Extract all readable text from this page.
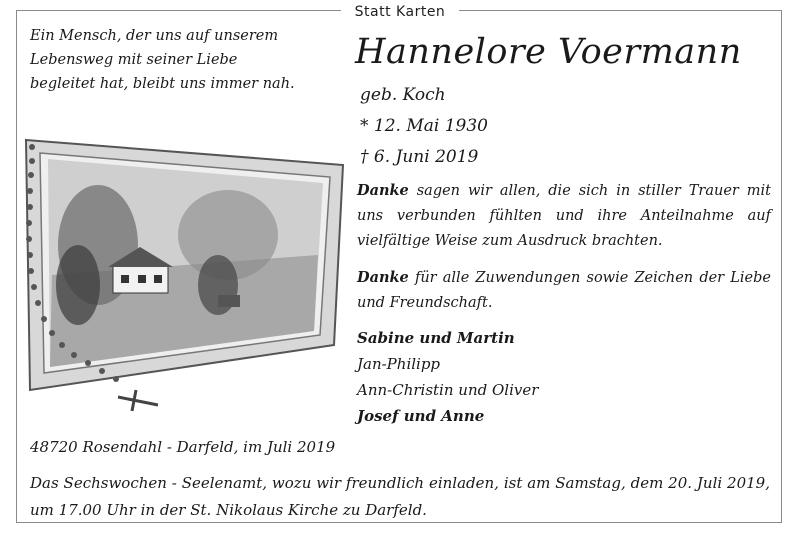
Statt Karten
Ein Mensch, der uns auf unserem
Lebensweg mit seiner Liebe
begleitet hat, bleibt uns immer nah.
Hannelore Voermann
geb. Koch
* 12. Mai 1930
† 6. Juni 2019
Danke sagen wir allen, die sich in stiller Trauer mit uns verbunden fühlten und ihre Anteilnahme auf vielfältige Weise zum Ausdruck brachten.
Danke für alle Zuwendungen sowie Zeichen der Liebe und Freundschaft.
Sabine und Martin
Jan-Philipp
Ann-Christin und Oliver
Josef und Anne
48720 Rosendahl - Darfeld, im Juli 2019
Das Sechswochen - Seelenamt, wozu wir freundlich einladen, ist am Samstag, dem 20. Juli 2019, um 17.00 Uhr in der St. Nikolaus Kirche zu Darfeld.
